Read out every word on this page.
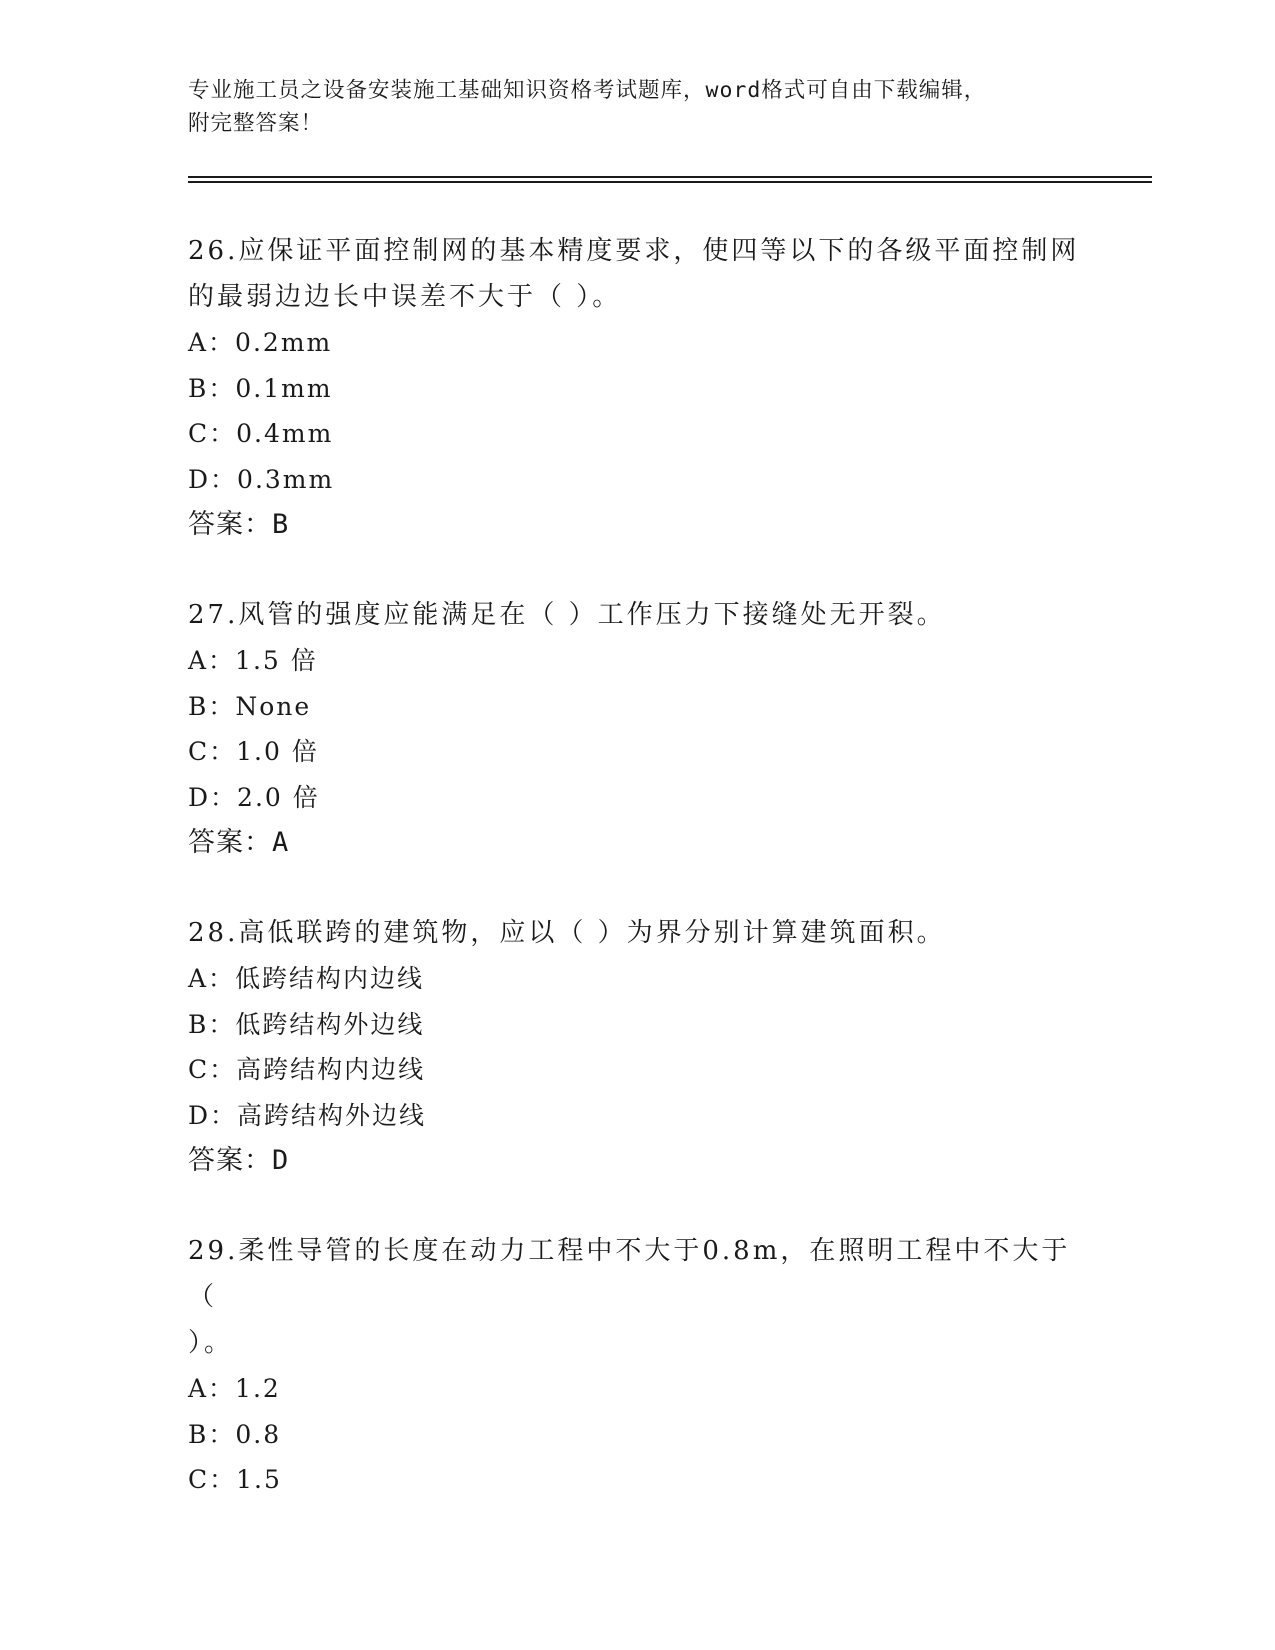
专业施工员之设备安装施工基础知识资格考试题库，word格式可自由下载编辑，
附完整答案！

26.应保证平面控制网的基本精度要求，使四等以下的各级平面控制网

的最弱边边长中误差不大于（ ）。

A：0.2mm

B：0.1mm

C：0.4mm

D：0.3mm

答案：B

27.风管的强度应能满足在（ ）工作压力下接缝处无开裂。

A：1.5 倍

B：None

C：1.0 倍

D：2.0 倍

答案：A

28.高低联跨的建筑物，应以（ ）为界分别计算建筑面积。

A：低跨结构内边线

B：低跨结构外边线

C：高跨结构内边线

D：高跨结构外边线

答案：D

29.柔性导管的长度在动力工程中不大于0.8m，在照明工程中不大于（

）。

A：1.2

B：0.8

C：1.5
